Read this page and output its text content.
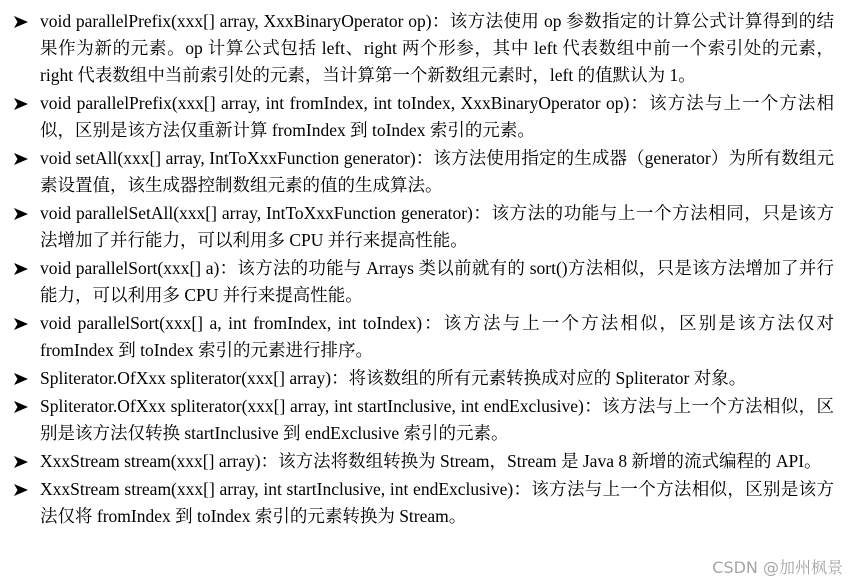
void parallelPrefix(xxx[] array, XxxBinaryOperator op)：该方法使用 op 参数指定的计算公式计算得到的结果作为新的元素。op 计算公式包括 left、right 两个形参，其中 left 代表数组中前一个索引处的元素，right 代表数组中当前索引处的元素，当计算第一个新数组元素时，left 的值默认为 1。
void parallelPrefix(xxx[] array, int fromIndex, int toIndex, XxxBinaryOperator op)：该方法与上一个方法相似，区别是该方法仅重新计算 fromIndex 到 toIndex 索引的元素。
void setAll(xxx[] array, IntToXxxFunction generator)：该方法使用指定的生成器（generator）为所有数组元素设置值，该生成器控制数组元素的值的生成算法。
void parallelSetAll(xxx[] array, IntToXxxFunction generator)：该方法的功能与上一个方法相同，只是该方法增加了并行能力，可以利用多 CPU 并行来提高性能。
void parallelSort(xxx[] a)：该方法的功能与 Arrays 类以前就有的 sort()方法相似，只是该方法增加了并行能力，可以利用多 CPU 并行来提高性能。
void parallelSort(xxx[] a, int fromIndex, int toIndex)：该方法与上一个方法相似，区别是该方法仅对 fromIndex 到 toIndex 索引的元素进行排序。
Spliterator.OfXxx spliterator(xxx[] array)：将该数组的所有元素转换成对应的 Spliterator 对象。
Spliterator.OfXxx spliterator(xxx[] array, int startInclusive, int endExclusive)：该方法与上一个方法相似，区别是该方法仅转换 startInclusive 到 endExclusive 索引的元素。
XxxStream stream(xxx[] array)：该方法将数组转换为 Stream，Stream 是 Java 8 新增的流式编程的 API。
XxxStream stream(xxx[] array, int startInclusive, int endExclusive)：该方法与上一个方法相似，区别是该方法仅将 fromIndex 到 toIndex 索引的元素转换为 Stream。
CSDN @加州枫景
